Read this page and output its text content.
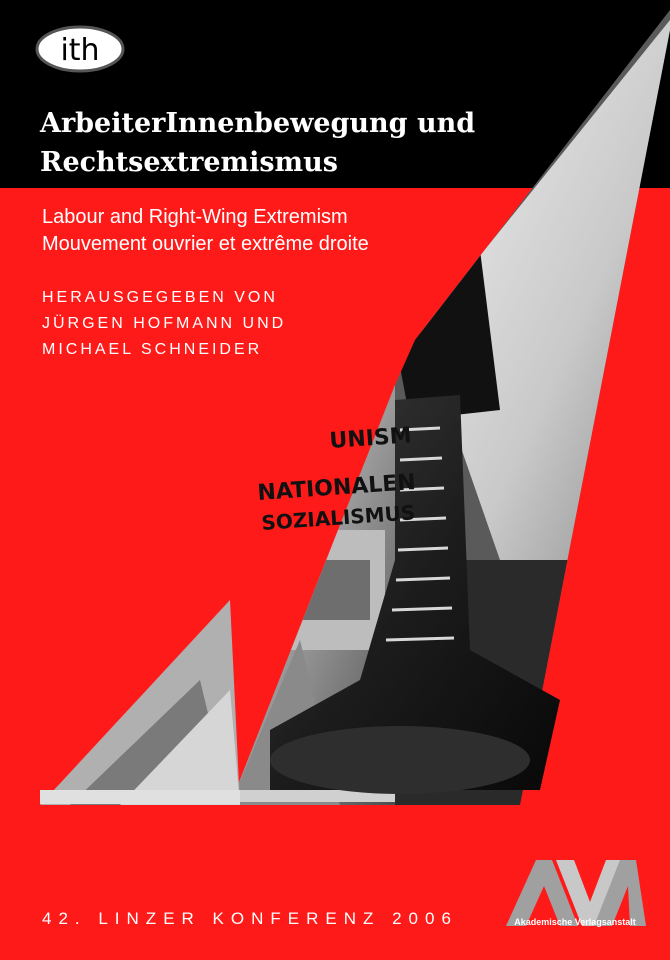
UNISM
NATIONALEN
SOZIALISMUS
ith
ArbeiterInnenbewegung und
Rechtsextremismus
Labour and Right-Wing Extremism
Mouvement ouvrier et extrême droite
HERAUSGEGEBEN VON
JÜRGEN HOFMANN UND
MICHAEL SCHNEIDER
42. LINZER KONFERENZ 2006	Akademische Verlagsanstalt
